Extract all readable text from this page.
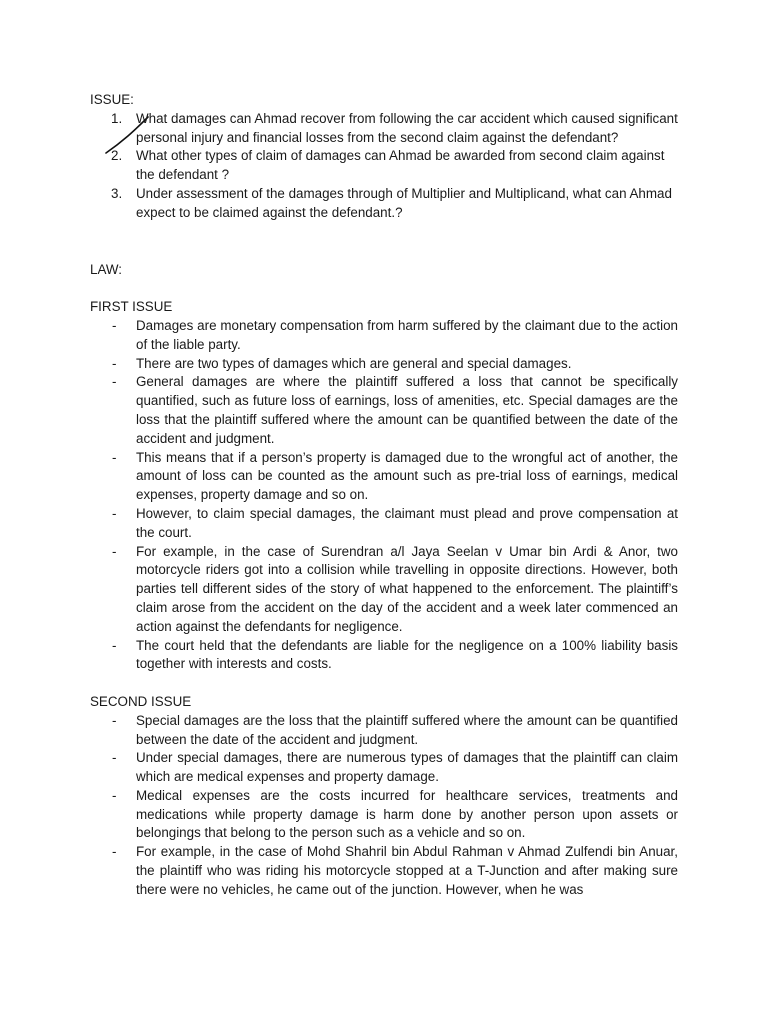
ISSUE:

1. What damages can Ahmad recover from following the car accident which caused significant personal injury and financial losses from the second claim against the defendant?
2. What other types of claim of damages can Ahmad be awarded from second claim against the defendant ?
3. Under assessment of the damages through of Multiplier and Multiplicand, what can Ahmad expect to be claimed against the defendant.?

LAW:

FIRST ISSUE

- Damages are monetary compensation from harm suffered by the claimant due to the action of the liable party.
- There are two types of damages which are general and special damages.
- General damages are where the plaintiff suffered a loss that cannot be specifically quantified, such as future loss of earnings, loss of amenities, etc. Special damages are the loss that the plaintiff suffered where the amount can be quantified between the date of the accident and judgment.
- This means that if a person’s property is damaged due to the wrongful act of another, the amount of loss can be counted as the amount such as pre-trial loss of earnings, medical expenses, property damage and so on.
- However, to claim special damages, the claimant must plead and prove compensation at the court.
- For example, in the case of Surendran a/l Jaya Seelan v Umar bin Ardi & Anor, two motorcycle riders got into a collision while travelling in opposite directions. However, both parties tell different sides of the story of what happened to the enforcement. The plaintiff’s claim arose from the accident on the day of the accident and a week later commenced an action against the defendants for negligence.
- The court held that the defendants are liable for the negligence on a 100% liability basis together with interests and costs.

SECOND ISSUE

- Special damages are the loss that the plaintiff suffered where the amount can be quantified between the date of the accident and judgment.
- Under special damages, there are numerous types of damages that the plaintiff can claim which are medical expenses and property damage.
- Medical expenses are the costs incurred for healthcare services, treatments and medications while property damage is harm done by another person upon assets or belongings that belong to the person such as a vehicle and so on.
- For example, in the case of Mohd Shahril bin Abdul Rahman v Ahmad Zulfendi bin Anuar, the plaintiff who was riding his motorcycle stopped at a T-Junction and after making sure there were no vehicles, he came out of the junction. However, when he was
